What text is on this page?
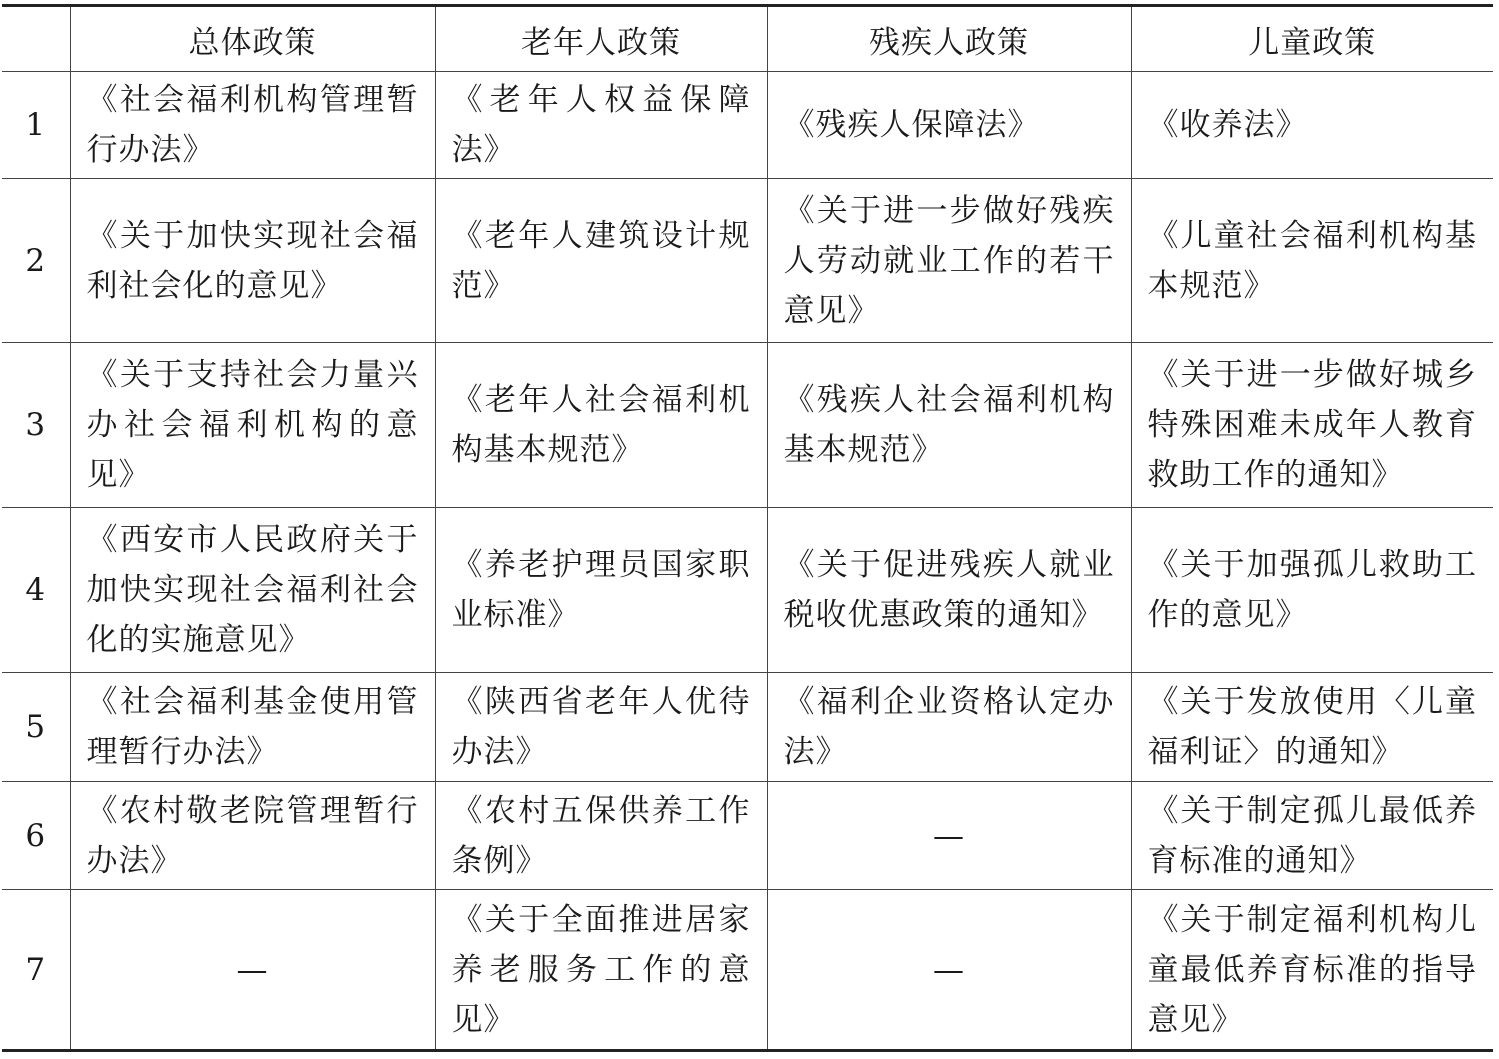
	总体政策	老年人政策	残疾人政策	儿童政策
1	《社会福利机构管理暂行办法》	《老年人权益保障法》	《残疾人保障法》	《收养法》
2	《关于加快实现社会福利社会化的意见》	《老年人建筑设计规范》	《关于进一步做好残疾人劳动就业工作的若干意见》	《儿童社会福利机构基本规范》
3	《关于支持社会力量兴办社会福利机构的意见》	《老年人社会福利机构基本规范》	《残疾人社会福利机构基本规范》	《关于进一步做好城乡特殊困难未成年人教育救助工作的通知》
4	《西安市人民政府关于加快实现社会福利社会化的实施意见》	《养老护理员国家职业标准》	《关于促进残疾人就业税收优惠政策的通知》	《关于加强孤儿救助工作的意见》
5	《社会福利基金使用管理暂行办法》	《陕西省老年人优待办法》	《福利企业资格认定办法》	《关于发放使用〈儿童福利证〉的通知》
6	《农村敬老院管理暂行办法》	《农村五保供养工作条例》	—	《关于制定孤儿最低养育标准的通知》
7	—	《关于全面推进居家养老服务工作的意见》	—	《关于制定福利机构儿童最低养育标准的指导意见》
